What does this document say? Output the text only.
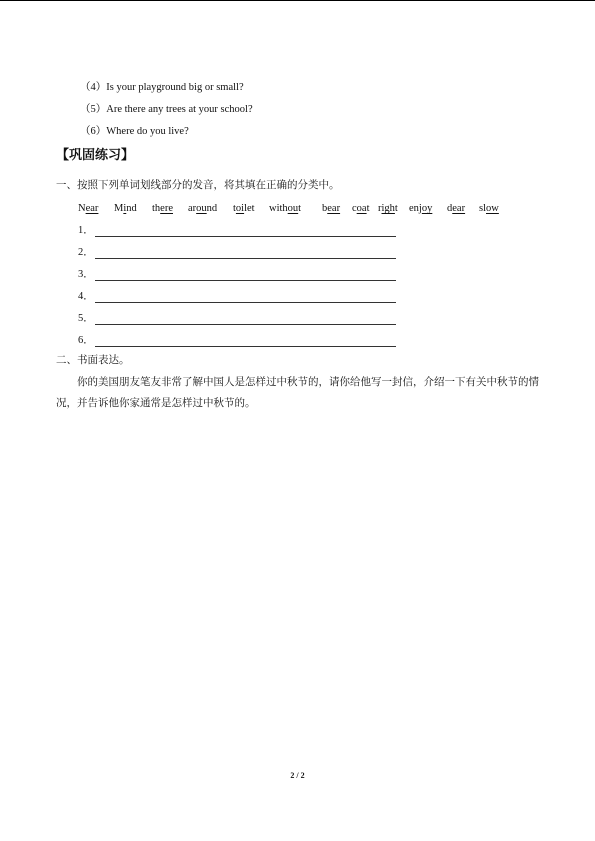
（4）Is your playground big or small?
（5）Are there any trees at your school?
（6）Where do you live?
【巩固练习】
一、按照下列单词划线部分的发音，将其填在正确的分类中。
Near Mind there around toilet without bear coat right enjoy dear slow
1．
2．
3．
4．
5．
6．
二、书面表达。
你的美国朋友笔友非常了解中国人是怎样过中秋节的，请你给他写一封信，介绍一下有关中秋节的情况，并告诉他你家通常是怎样过中秋节的。
2 / 2
